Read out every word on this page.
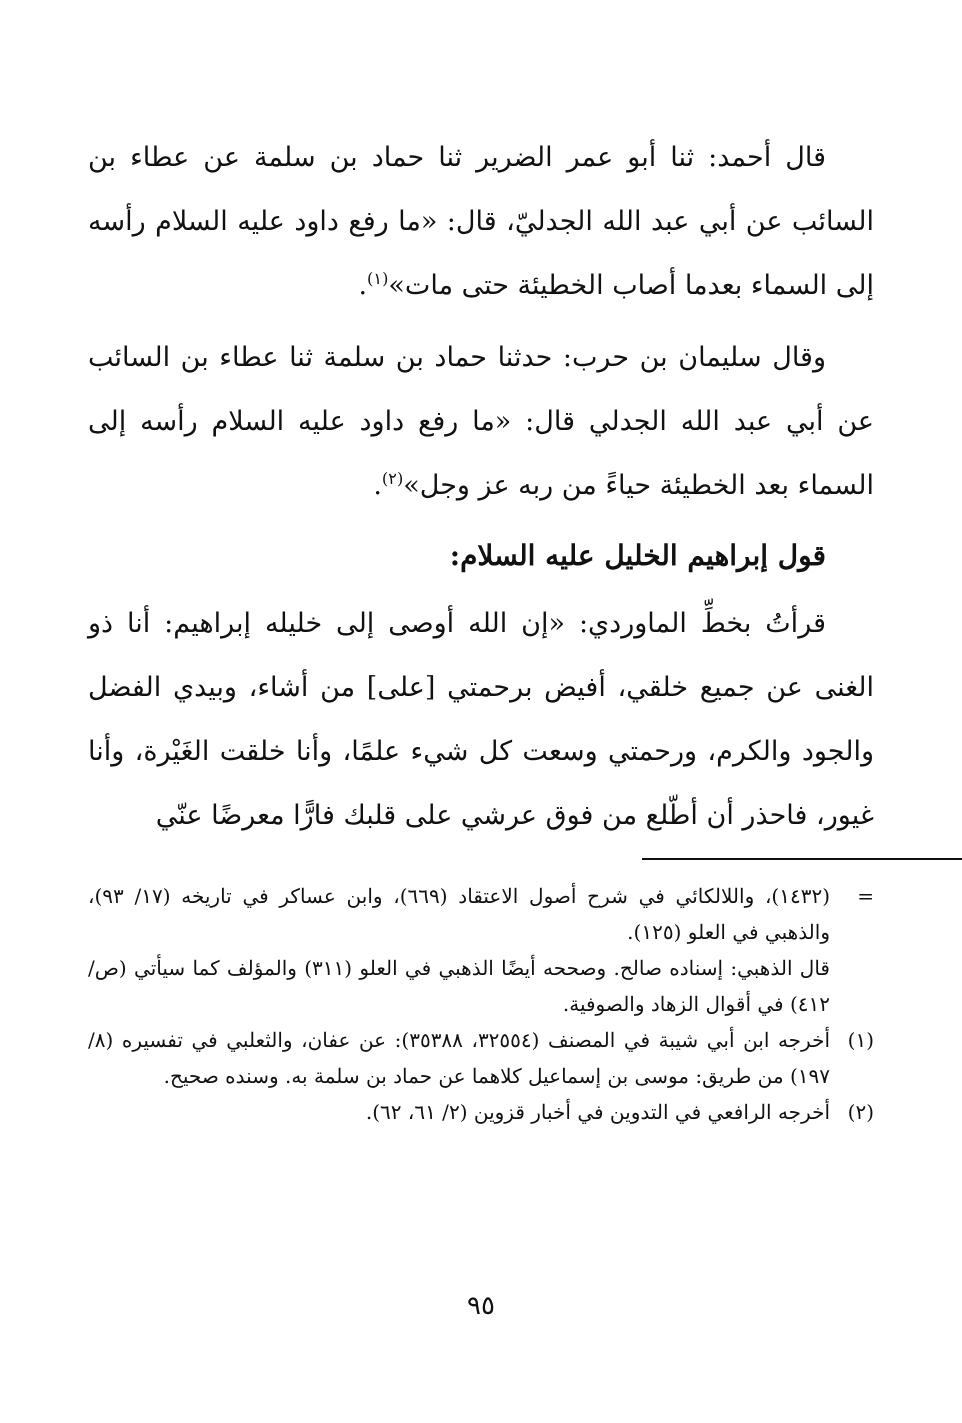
قال أحمد: ثنا أبو عمر الضرير ثنا حماد بن سلمة عن عطاء بن السائب عن أبي عبد الله الجدليّ، قال: «ما رفع داود عليه السلام رأسه إلى السماء بعدما أصاب الخطيئة حتى مات»$^{(١)}$.

وقال سليمان بن حرب: حدثنا حماد بن سلمة ثنا عطاء بن السائب عن أبي عبد الله الجدلي قال: «ما رفع داود عليه السلام رأسه إلى السماء بعد الخطيئة حياءً من ربه عز وجل»$^{(٢)}$.

قول إبراهيم الخليل عليه السلام:

قرأتُ بخطِّ الماوردي: «إن الله أوصى إلى خليله إبراهيم: أنا ذو الغنى عن جميع خلقي، أفيض برحمتي [على] من أشاء، وبيدي الفضل والجود والكرم، ورحمتي وسعت كل شيء علمًا، وأنا خلقت الغَيْرة، وأنا غيور، فاحذر أن أطّلع من فوق عرشي على قلبك فارًّا معرضًا عنّي

=
(١٤٣٢)، واللالكائي في شرح أصول الاعتقاد (٦٦٩)، وابن عساكر في تاريخه (١٧/ ٩٣)، والذهبي في العلو (١٢٥).
قال الذهبي: إسناده صالح. وصححه أيضًا الذهبي في العلو (٣١١) والمؤلف كما سيأتي (ص/ ٤١٢) في أقوال الزهاد والصوفية.
(١)
أخرجه ابن أبي شيبة في المصنف (٣٢٥٥٤، ٣٥٣٨٨): عن عفان، والثعلبي في تفسيره (٨/ ١٩٧) من طريق: موسى بن إسماعيل كلاهما عن حماد بن سلمة به. وسنده صحيح.
(٢)
أخرجه الرافعي في التدوين في أخبار قزوين (٢/ ٦١، ٦٢).
٩٥
